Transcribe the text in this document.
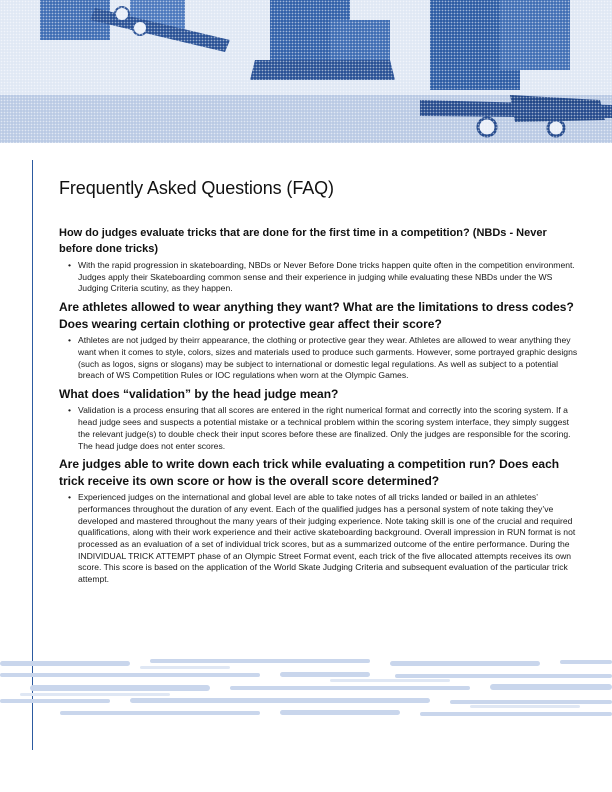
Frequently Asked Questions (FAQ)

How do judges evaluate tricks that are done for the first time in a competition? (NBDs - Never before done tricks)

• With the rapid progression in skateboarding, NBDs or Never Before Done tricks happen quite often in the competition environment. Judges apply their Skateboarding common sense and their experience in judging while evaluating these NBDs under the WS Judging Criteria scutiny, as they happen.

Are athletes allowed to wear anything they want? What are the limitations to dress codes? Does wearing certain clothing or protective gear affect their score?

• Athletes are not judged by theirr appearance, the clothing or protective gear they wear. Athletes are allowed to wear anything they want when it comes to style, colors, sizes and materials used to produce such garments. However, some portrayed graphic designs (such as logos, signs or slogans) may be subject to international or domestic legal regulations. As well as subject to a potential breach of WS Competition Rules or IOC regulations when worn at the Olympic Games.

What does “validation” by the head judge mean?

• Validation is a process ensuring that all scores are entered in the right numerical format and correctly into the scoring system. If a head judge sees and suspects a potential mistake or a technical problem within the scoring system interface, they simply suggest the relevant judge(s) to double check their input scores before these are finalized. Only the judges are responsible for the scoring. The head judge does not enter scores.

Are judges able to write down each trick while evaluating a competition run? Does each trick receive its own score or how is the overall score determined?

• Experienced judges on the international and global level are able to take notes of all tricks landed or bailed in an athletes’ performances throughout the duration of any event. Each of the qualified judges has a personal system of note taking they’ve developed and mastered throughout the many years of their judging experience. Note taking skill is one of the crucial and required qualifications, along with their work experience and their active skateboarding background. Overall impression in RUN format is not processed as an evaluation of a set of individual trick scores, but as a summarized outcome of the entire performance. During the INDIVIDUAL TRICK ATTEMPT phase of an Olympic Street Format event, each trick of the five allocated attempts receives its own score. This score is based on the application of the World Skate Judging Criteria and subsequent evaluation of the particular trick attempt.
